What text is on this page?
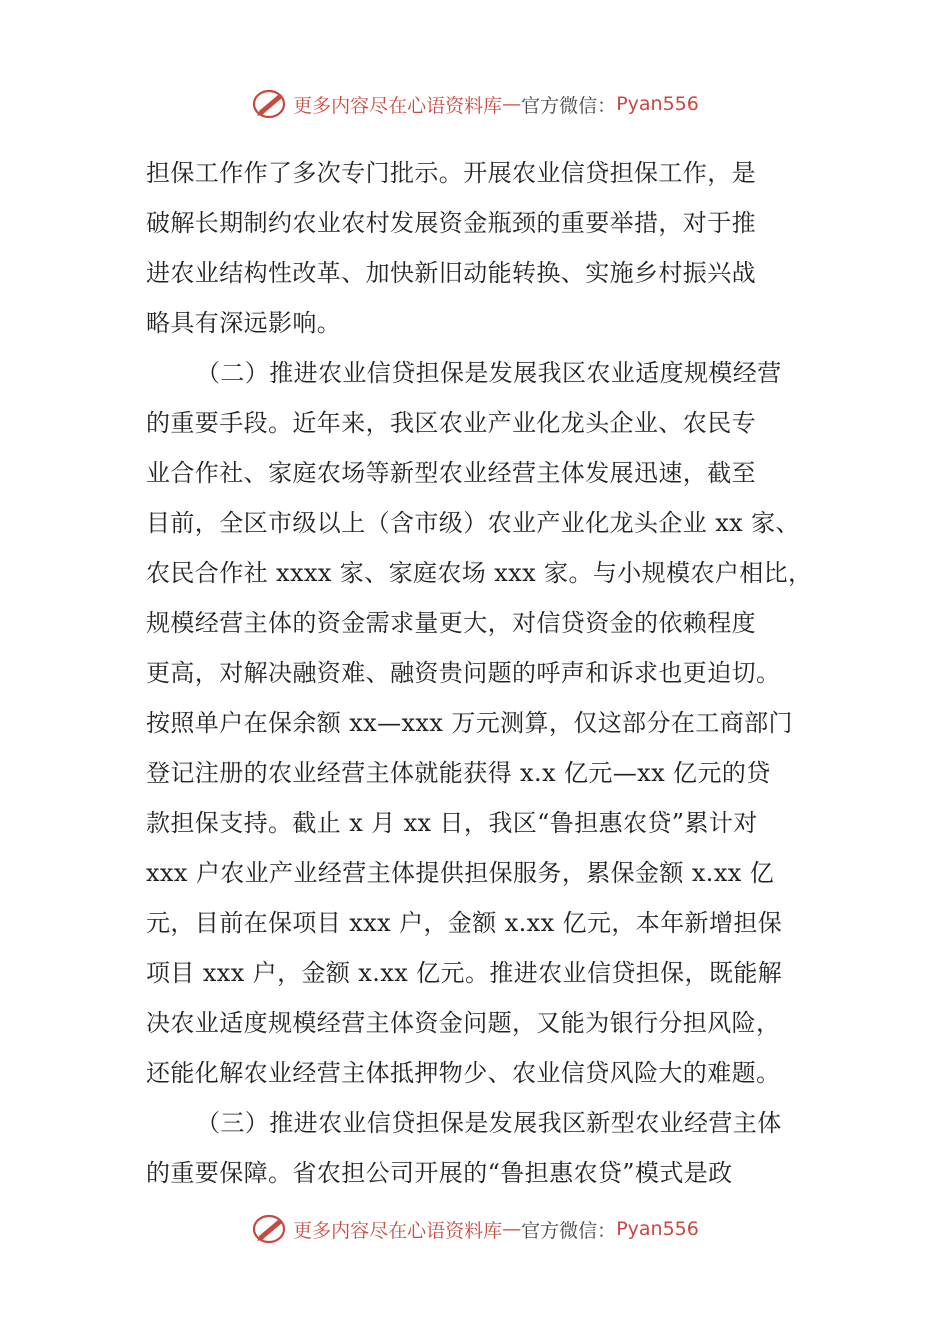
更多内容尽在心语资料库 — 官方微信： Pyan556
担保工作作了多次专门批示。开展农业信贷担保工作，是
破解长期制约农业农村发展资金瓶颈的重要举措，对于推
进农业结构性改革、加快新旧动能转换、实施乡村振兴战
略具有深远影响。
（二）推进农业信贷担保是发展我区农业适度规模经营
的重要手段。近年来，我区农业产业化龙头企业、农民专
业合作社、家庭农场等新型农业经营主体发展迅速，截至
目前，全区市级以上（含市级）农业产业化龙头企业 xx 家、
农民合作社 xxxx 家、家庭农场 xxx 家。与小规模农户相比，
规模经营主体的资金需求量更大，对信贷资金的依赖程度
更高，对解决融资难、融资贵问题的呼声和诉求也更迫切。
按照单户在保余额 xx—xxx 万元测算，仅这部分在工商部门
登记注册的农业经营主体就能获得 x.x 亿元—xx 亿元的贷
款担保支持。截止 x 月 xx 日，我区“鲁担惠农贷”累计对
xxx 户农业产业经营主体提供担保服务，累保金额 x.xx 亿
元，目前在保项目 xxx 户，金额 x.xx 亿元，本年新增担保
项目 xxx 户，金额 x.xx 亿元。推进农业信贷担保，既能解
决农业适度规模经营主体资金问题，又能为银行分担风险，
还能化解农业经营主体抵押物少、农业信贷风险大的难题。
（三）推进农业信贷担保是发展我区新型农业经营主体
的重要保障。省农担公司开展的“鲁担惠农贷”模式是政
更多内容尽在心语资料库 — 官方微信： Pyan556
